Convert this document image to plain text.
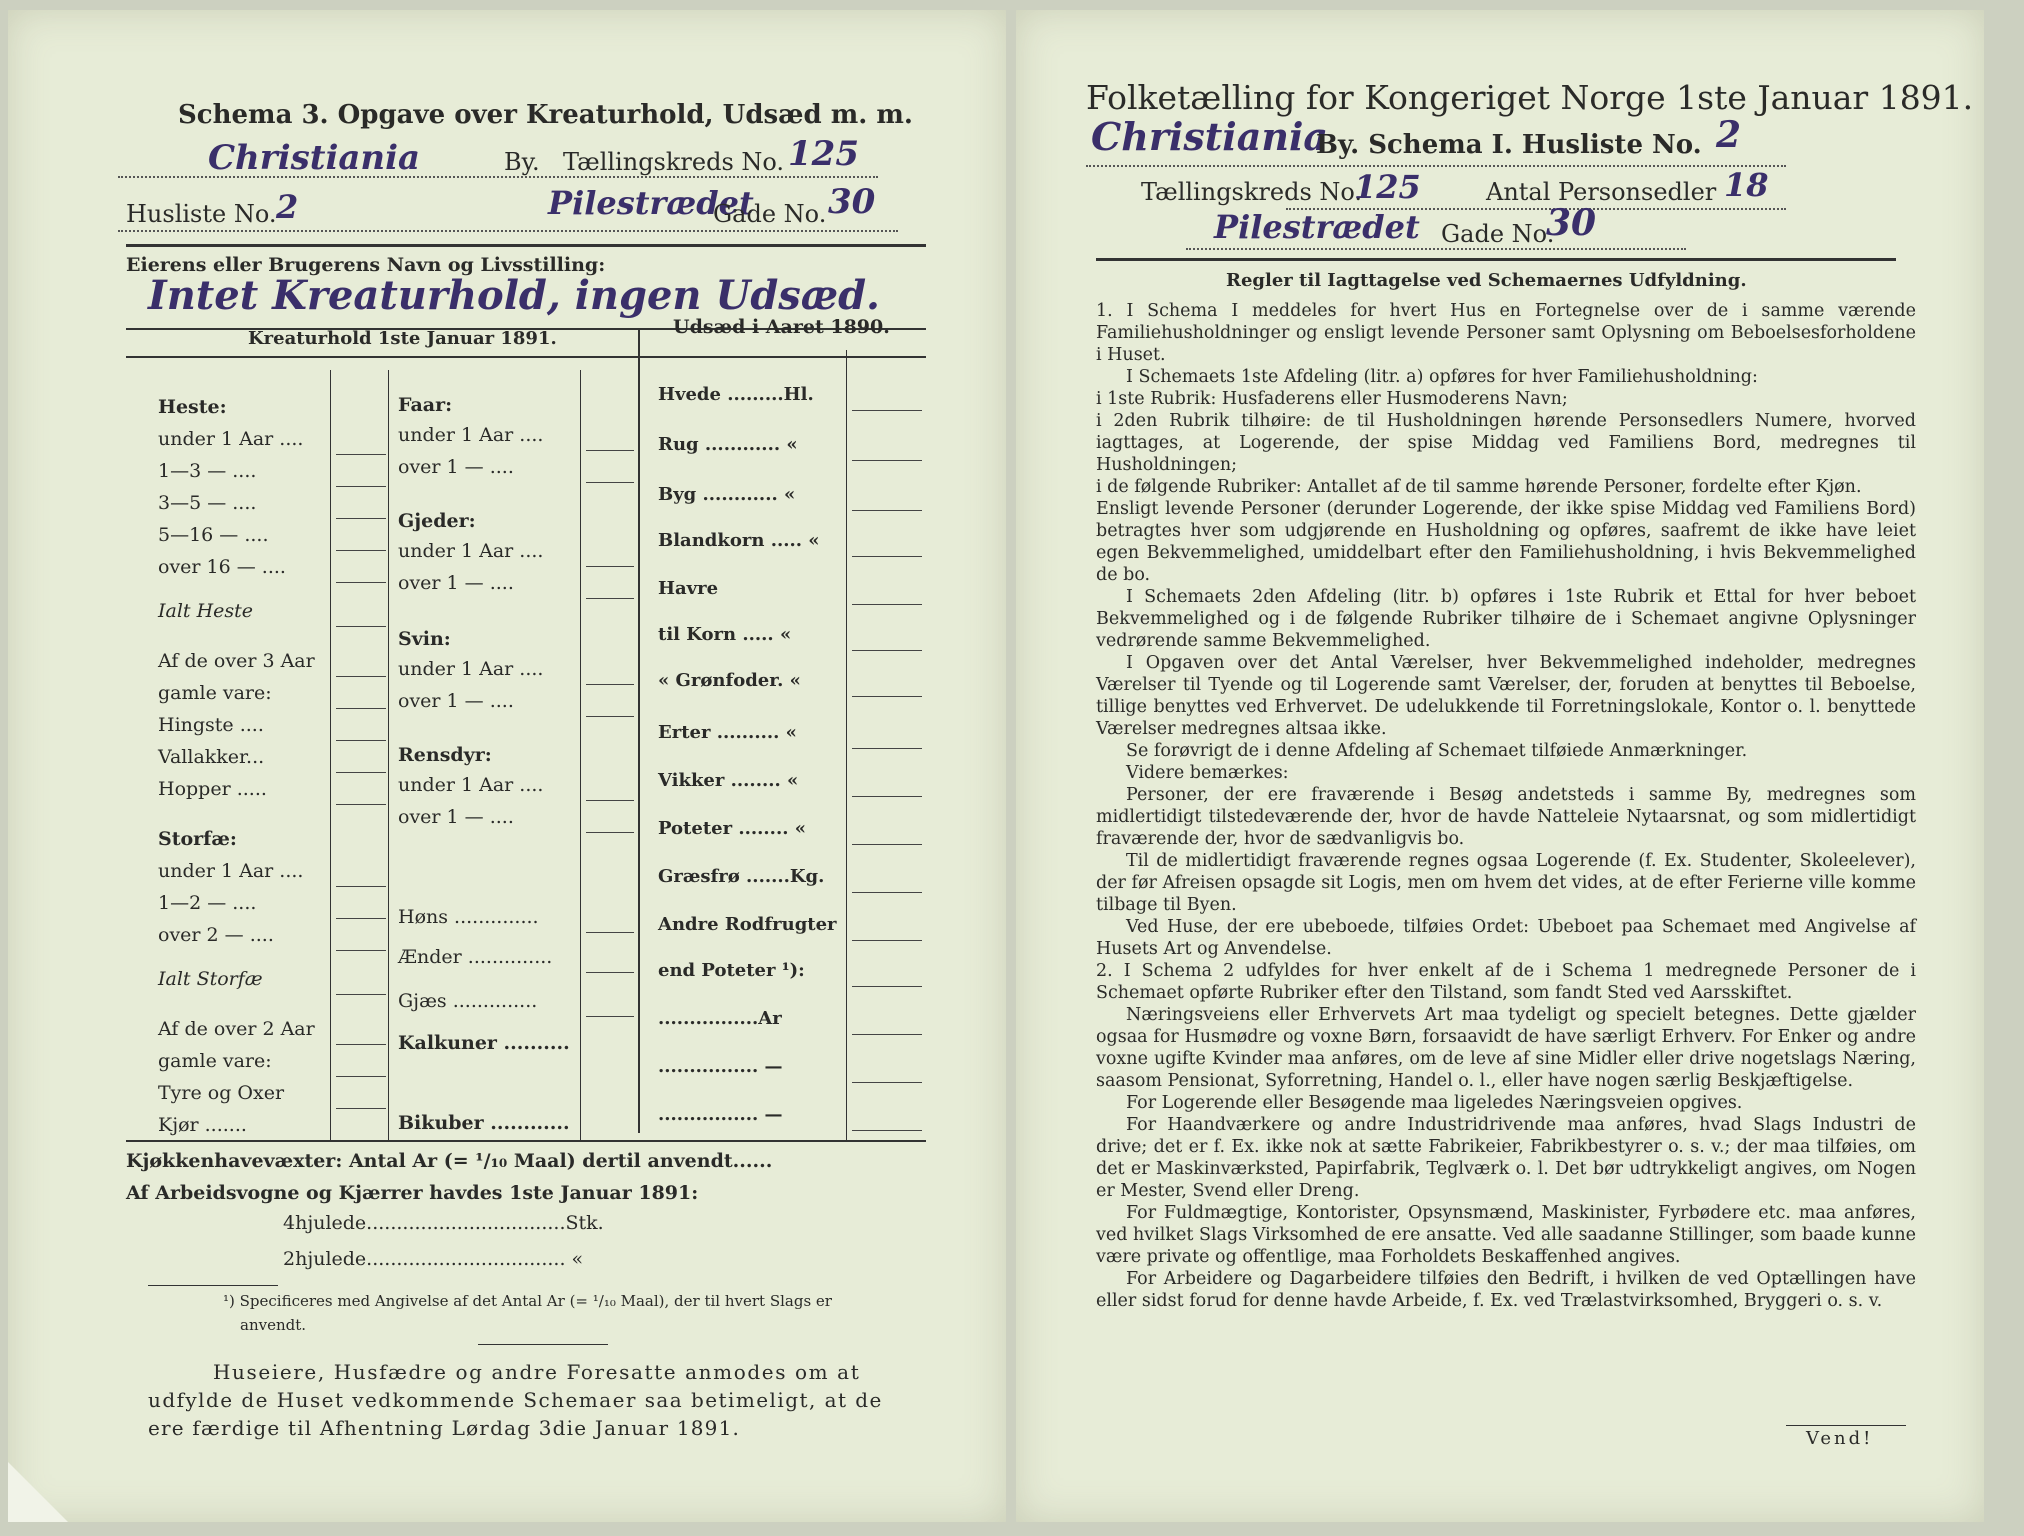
Schema 3. Opgave over Kreaturhold, Udsæd m. m.
Christiania	By. Tællingskreds No. 125
Husliste No. 2	Pilestrædet
Gade No. 30
Eierens eller Brugerens Navn og Livsstilling:
Intet Kreaturhold, ingen Udsæd.
Kreaturhold 1ste Januar 1891.
Udsæd i Aaret 1890.
Heste:
under 1 Aar ....
1—3 — ....
3—5 — ....
5—16 — ....
over 16 — ....
Ialt Heste
Af de over 3 Aar
gamle vare:
Hingste ....
Vallakker...
Hopper .....
Storfæ:
under 1 Aar ....
1—2 — ....
over 2 — ....
Ialt Storfæ
Af de over 2 Aar
gamle vare:
Tyre og Oxer
Kjør .......
Faar:
under 1 Aar ....
over 1 — ....
Gjeder:
under 1 Aar ....
over 1 — ....
Svin:
under 1 Aar ....
over 1 — ....
Rensdyr:
under 1 Aar ....
over 1 — ....
Høns ..............
Ænder ..............
Gjæs ..............
Kalkuner ..........
Bikuber ............
Hvede .........Hl.
Rug ............ «
Byg ............ «
Blandkorn ..... «
Havre
til Korn ..... «
« Grønfoder. «
Erter .......... «
Vikker ........ «
Poteter ........ «
Græsfrø .......Kg.
Andre Rodfrugter
end Poteter ¹):
................Ar
................ —
................ —
Kjøkkenhavevæxter: Antal Ar (= ¹/₁₀ Maal) dertil anvendt......
Af Arbeidsvogne og Kjærrer havdes 1ste Januar 1891:
4hjulede.................................Stk.
2hjulede................................. «
¹) Specificeres med Angivelse af det Antal Ar (= ¹/₁₀ Maal), der til hvert Slags er
anvendt.
Huseiere, Husfædre og andre Foresatte anmodes om at
udfylde de Huset vedkommende Schemaer saa betimeligt, at de
ere færdige til Afhentning Lørdag 3die Januar 1891.
Folketælling for Kongeriget Norge 1ste Januar 1891.
Christiania
By. Schema I. Husliste No. 2
Tællingskreds No.
125	Antal Personsedler 18
Pilestrædet Gade No.
30
Regler til Iagttagelse ved Schemaernes Udfyldning.

1. I Schema I meddeles for hvert Hus en Fortegnelse over de i samme værende Familiehusholdninger og ensligt levende Personer samt Oplysning om Beboelsesforholdene i Huset.

I Schemaets 1ste Afdeling (litr. a) opføres for hver Familiehusholdning:

i 1ste Rubrik: Husfaderens eller Husmoderens Navn;

i 2den Rubrik tilhøire: de til Husholdningen hørende Personsedlers Numere, hvorved iagttages, at Logerende, der spise Middag ved Familiens Bord, medregnes til Husholdningen;

i de følgende Rubriker: Antallet af de til samme hørende Personer, fordelte efter Kjøn.

Ensligt levende Personer (derunder Logerende, der ikke spise Middag ved Familiens Bord) betragtes hver som udgjørende en Husholdning og opføres, saafremt de ikke have leiet egen Bekvemmelighed, umiddelbart efter den Familiehusholdning, i hvis Bekvemmelighed de bo.

I Schemaets 2den Afdeling (litr. b) opføres i 1ste Rubrik et Ettal for hver beboet Bekvemmelighed og i de følgende Rubriker tilhøire de i Schemaet angivne Oplysninger vedrørende samme Bekvemmelighed.

I Opgaven over det Antal Værelser, hver Bekvemmelighed indeholder, medregnes Værelser til Tyende og til Logerende samt Værelser, der, foruden at benyttes til Beboelse, tillige benyttes ved Erhvervet. De udelukkende til Forretningslokale, Kontor o. l. benyttede Værelser medregnes altsaa ikke.

Se forøvrigt de i denne Afdeling af Schemaet tilføiede Anmærkninger.

Videre bemærkes:

Personer, der ere fraværende i Besøg andetsteds i samme By, medregnes som midlertidigt tilstedeværende der, hvor de havde Natteleie Nytaarsnat, og som midlertidigt fraværende der, hvor de sædvanligvis bo.

Til de midlertidigt fraværende regnes ogsaa Logerende (f. Ex. Studenter, Skoleelever), der før Afreisen opsagde sit Logis, men om hvem det vides, at de efter Ferierne ville komme tilbage til Byen.

Ved Huse, der ere ubeboede, tilføies Ordet: Ubeboet paa Schemaet med Angivelse af Husets Art og Anvendelse.

2. I Schema 2 udfyldes for hver enkelt af de i Schema 1 medregnede Personer de i Schemaet opførte Rubriker efter den Tilstand, som fandt Sted ved Aarsskiftet.

Næringsveiens eller Erhvervets Art maa tydeligt og specielt betegnes. Dette gjælder ogsaa for Husmødre og voxne Børn, forsaavidt de have særligt Erhverv. For Enker og andre voxne ugifte Kvinder maa anføres, om de leve af sine Midler eller drive nogetslags Næring, saasom Pensionat, Syforretning, Handel o. l., eller have nogen særlig Beskjæftigelse.

For Logerende eller Besøgende maa ligeledes Næringsveien opgives.

For Haandværkere og andre Industridrivende maa anføres, hvad Slags Industri de drive; det er f. Ex. ikke nok at sætte Fabrikeier, Fabrikbestyrer o. s. v.; der maa tilføies, om det er Maskinværksted, Papirfabrik, Teglværk o. l. Det bør udtrykkeligt angives, om Nogen er Mester, Svend eller Dreng.

For Fuldmægtige, Kontorister, Opsynsmænd, Maskinister, Fyrbødere etc. maa anføres, ved hvilket Slags Virksomhed de ere ansatte. Ved alle saadanne Stillinger, som baade kunne være private og offentlige, maa Forholdets Beskaffenhed angives.

For Arbeidere og Dagarbeidere tilføies den Bedrift, i hvilken de ved Optællingen have eller sidst forud for denne havde Arbeide, f. Ex. ved Trælastvirksomhed, Bryggeri o. s. v.

Vend!
